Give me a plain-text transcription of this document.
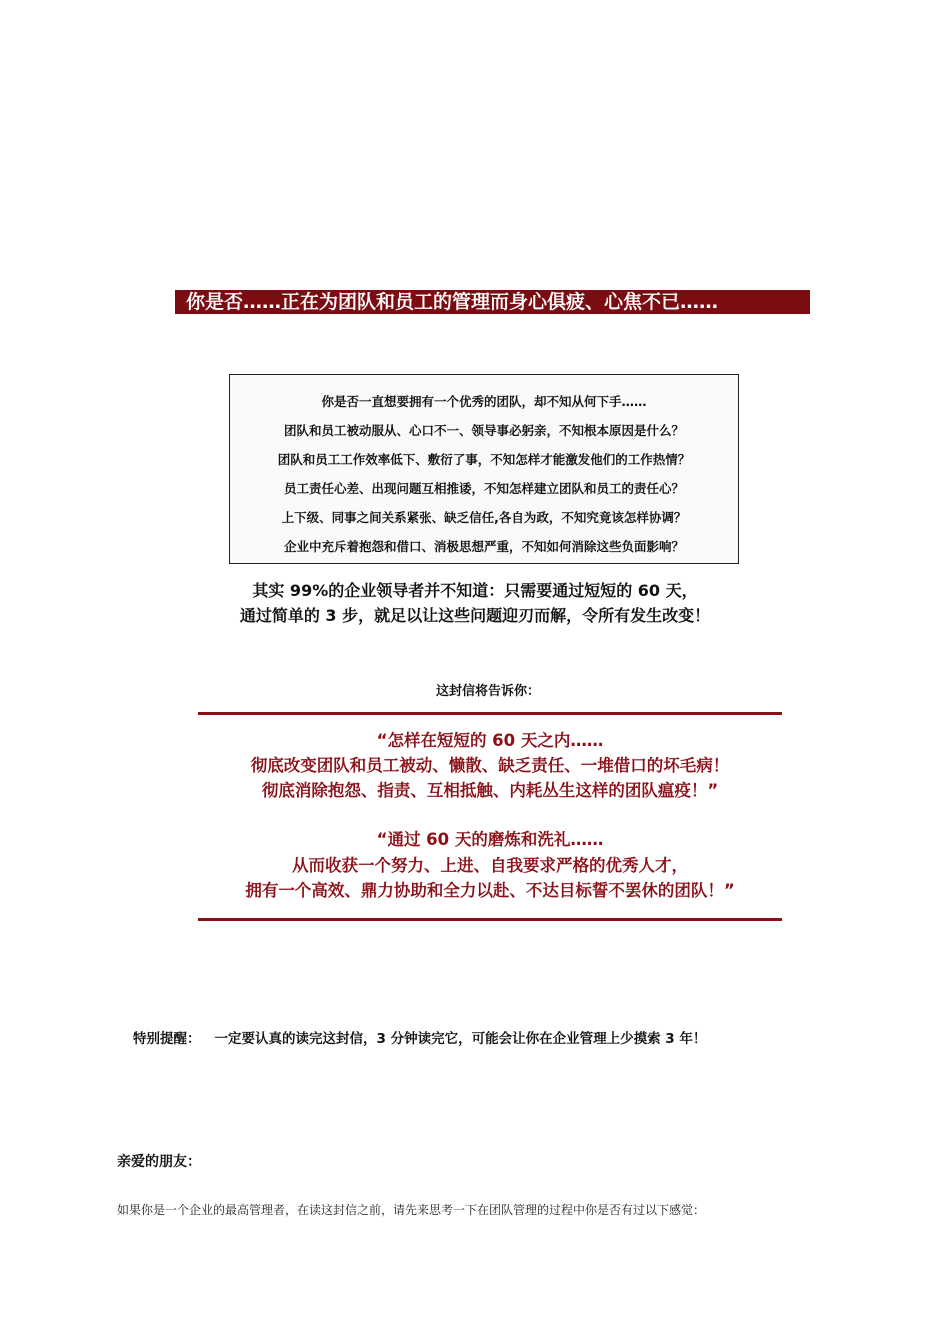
你是否……正在为团队和员工的管理而身心俱疲、心焦不已……
你是否一直想要拥有一个优秀的团队，却不知从何下手……
团队和员工被动服从、心口不一、领导事必躬亲，不知根本原因是什么？
团队和员工工作效率低下、敷衍了事，不知怎样才能激发他们的工作热情？
员工责任心差、出现问题互相推诿，不知怎样建立团队和员工的责任心？
上下级、同事之间关系紧张、缺乏信任,各自为政，不知究竟该怎样协调？
企业中充斥着抱怨和借口、消极思想严重，不知如何消除这些负面影响？
其实 99%的企业领导者并不知道：只需要通过短短的 60 天，
通过简单的 3 步，就足以让这些问题迎刃而解，令所有发生改变！
这封信将告诉你：
“怎样在短短的 60 天之内……
彻底改变团队和员工被动、懒散、缺乏责任、一堆借口的坏毛病！
彻底消除抱怨、指责、互相抵触、内耗丛生这样的团队瘟疫！”
“通过 60 天的磨炼和洗礼……
从而收获一个努力、上进、自我要求严格的优秀人才，
拥有一个高效、鼎力协助和全力以赴、不达目标誓不罢休的团队！”
特别提醒： 一定要认真的读完这封信，3 分钟读完它，可能会让你在企业管理上少摸索 3 年！
亲爱的朋友：
如果你是一个企业的最高管理者，在读这封信之前，请先来思考一下在团队管理的过程中你是否有过以下感觉：
